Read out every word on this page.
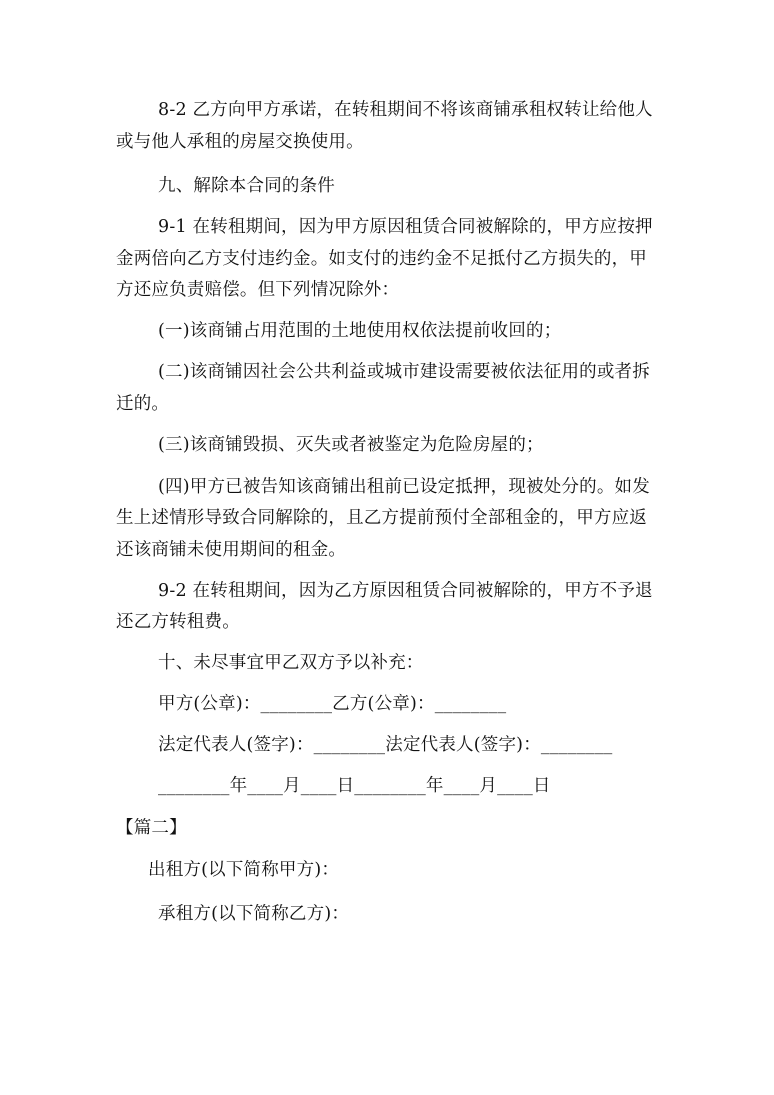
8-2 乙方向甲方承诺，在转租期间不将该商铺承租权转让给他人

或与他人承租的房屋交换使用。

九、解除本合同的条件

9-1 在转租期间，因为甲方原因租赁合同被解除的，甲方应按押

金两倍向乙方支付违约金。如支付的违约金不足抵付乙方损失的，甲

方还应负责赔偿。但下列情况除外：

(一)该商铺占用范围的土地使用权依法提前收回的；

(二)该商铺因社会公共利益或城市建设需要被依法征用的或者拆

迁的。

(三)该商铺毁损、灭失或者被鉴定为危险房屋的；

(四)甲方已被告知该商铺出租前已设定抵押，现被处分的。如发

生上述情形导致合同解除的，且乙方提前预付全部租金的，甲方应返

还该商铺未使用期间的租金。

9-2 在转租期间，因为乙方原因租赁合同被解除的，甲方不予退

还乙方转租费。

十、未尽事宜甲乙双方予以补充：

甲方(公章)：________乙方(公章)：________

法定代表人(签字)：________法定代表人(签字)：________

________年____月____日________年____月____日

【篇二】

出租方(以下简称甲方)：

承租方(以下简称乙方)：
